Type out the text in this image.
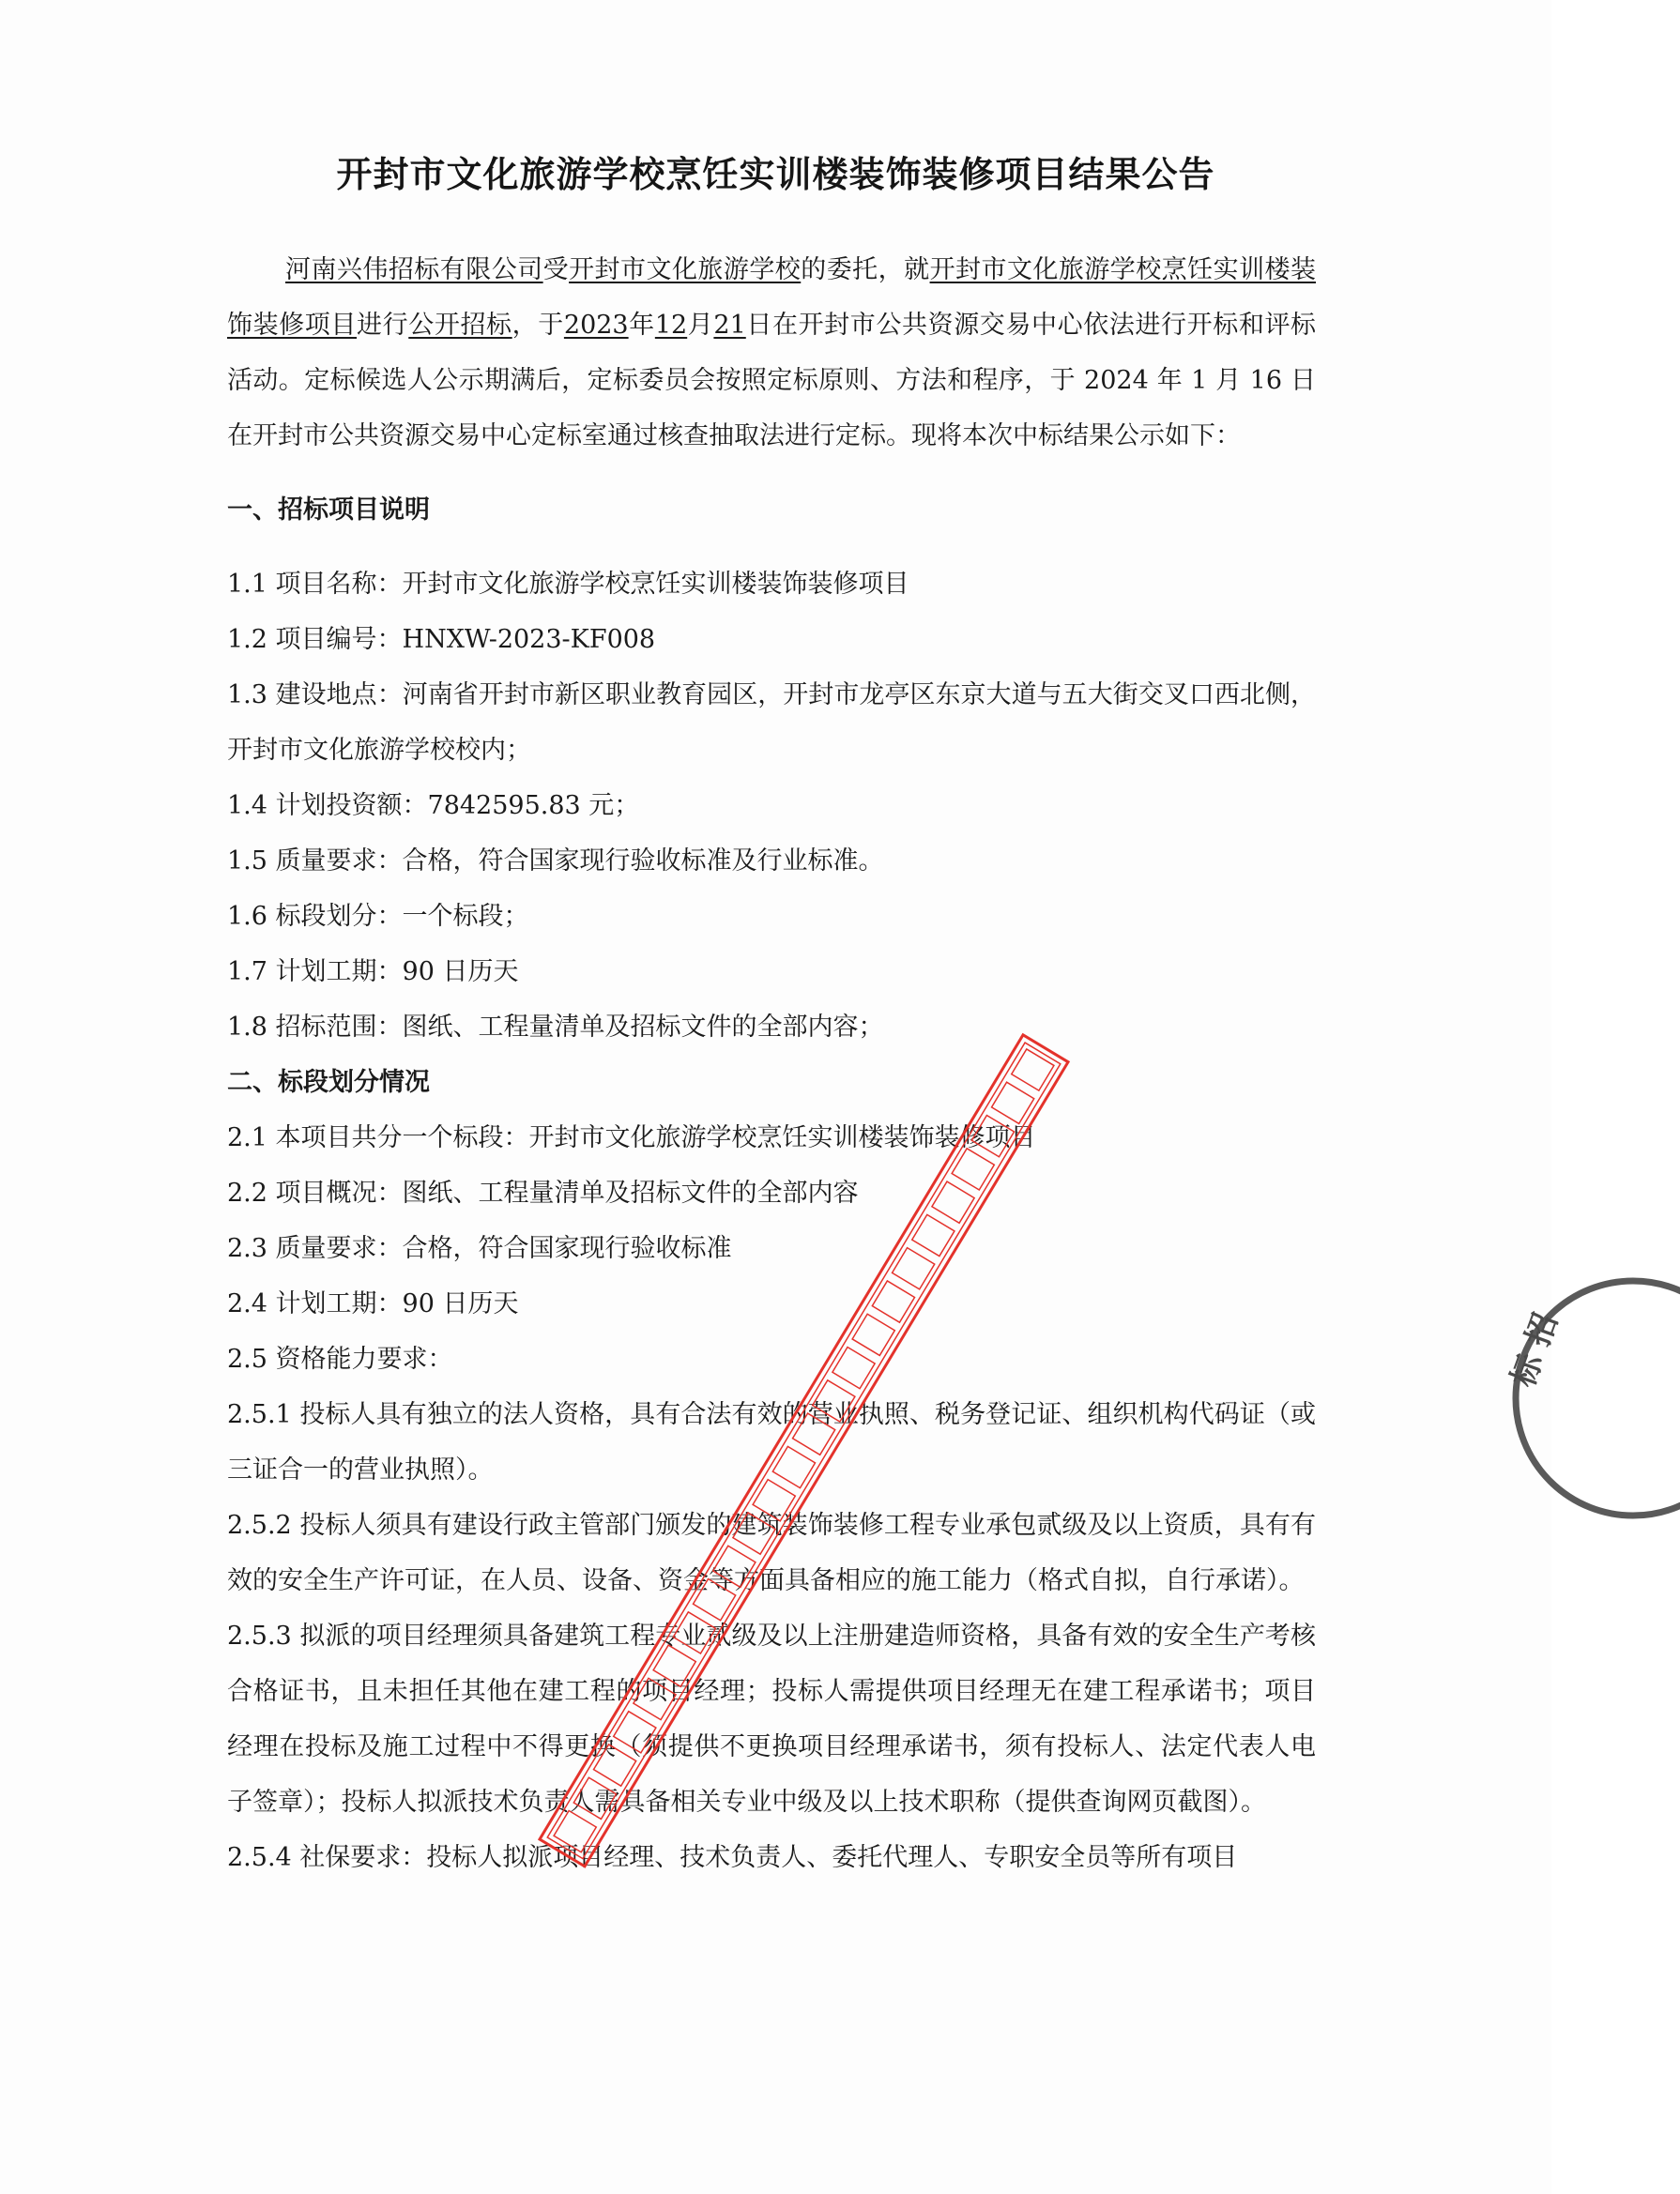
开封市文化旅游学校烹饪实训楼装饰装修项目结果公告

河南兴伟招标有限公司受开封市文化旅游学校的委托，就开封市文化旅游学校烹饪实训楼装饰装修项目进行公开招标，于2023年12月21日在开封市公共资源交易中心依法进行开标和评标活动。定标候选人公示期满后，定标委员会按照定标原则、方法和程序，于 2024 年 1 月 16 日在开封市公共资源交易中心定标室通过核查抽取法进行定标。现将本次中标结果公示如下：

一、招标项目说明

1.1 项目名称：开封市文化旅游学校烹饪实训楼装饰装修项目

1.2 项目编号：HNXW-2023-KF008

1.3 建设地点：河南省开封市新区职业教育园区，开封市龙亭区东京大道与五大街交叉口西北侧，开封市文化旅游学校校内；

1.4 计划投资额：7842595.83 元；

1.5 质量要求：合格，符合国家现行验收标准及行业标准。

1.6 标段划分：一个标段；

1.7 计划工期：90 日历天

1.8 招标范围：图纸、工程量清单及招标文件的全部内容；

二、标段划分情况

2.1 本项目共分一个标段：开封市文化旅游学校烹饪实训楼装饰装修项目

2.2 项目概况：图纸、工程量清单及招标文件的全部内容

2.3 质量要求：合格，符合国家现行验收标准

2.4 计划工期：90 日历天

2.5 资格能力要求：

2.5.1 投标人具有独立的法人资格，具有合法有效的营业执照、税务登记证、组织机构代码证（或三证合一的营业执照）。

2.5.2 投标人须具有建设行政主管部门颁发的建筑装饰装修工程专业承包贰级及以上资质，具有有效的安全生产许可证，在人员、设备、资金等方面具备相应的施工能力（格式自拟，自行承诺）。

2.5.3 拟派的项目经理须具备建筑工程专业贰级及以上注册建造师资格，具备有效的安全生产考核合格证书，且未担任其他在建工程的项目经理；投标人需提供项目经理无在建工程承诺书；项目经理在投标及施工过程中不得更换（须提供不更换项目经理承诺书，须有投标人、法定代表人电子签章）；投标人拟派技术负责人需具备相关专业中级及以上技术职称（提供查询网页截图）。

2.5.4 社保要求：投标人拟派项目经理、技术负责人、委托代理人、专职安全员等所有项目

标 招
